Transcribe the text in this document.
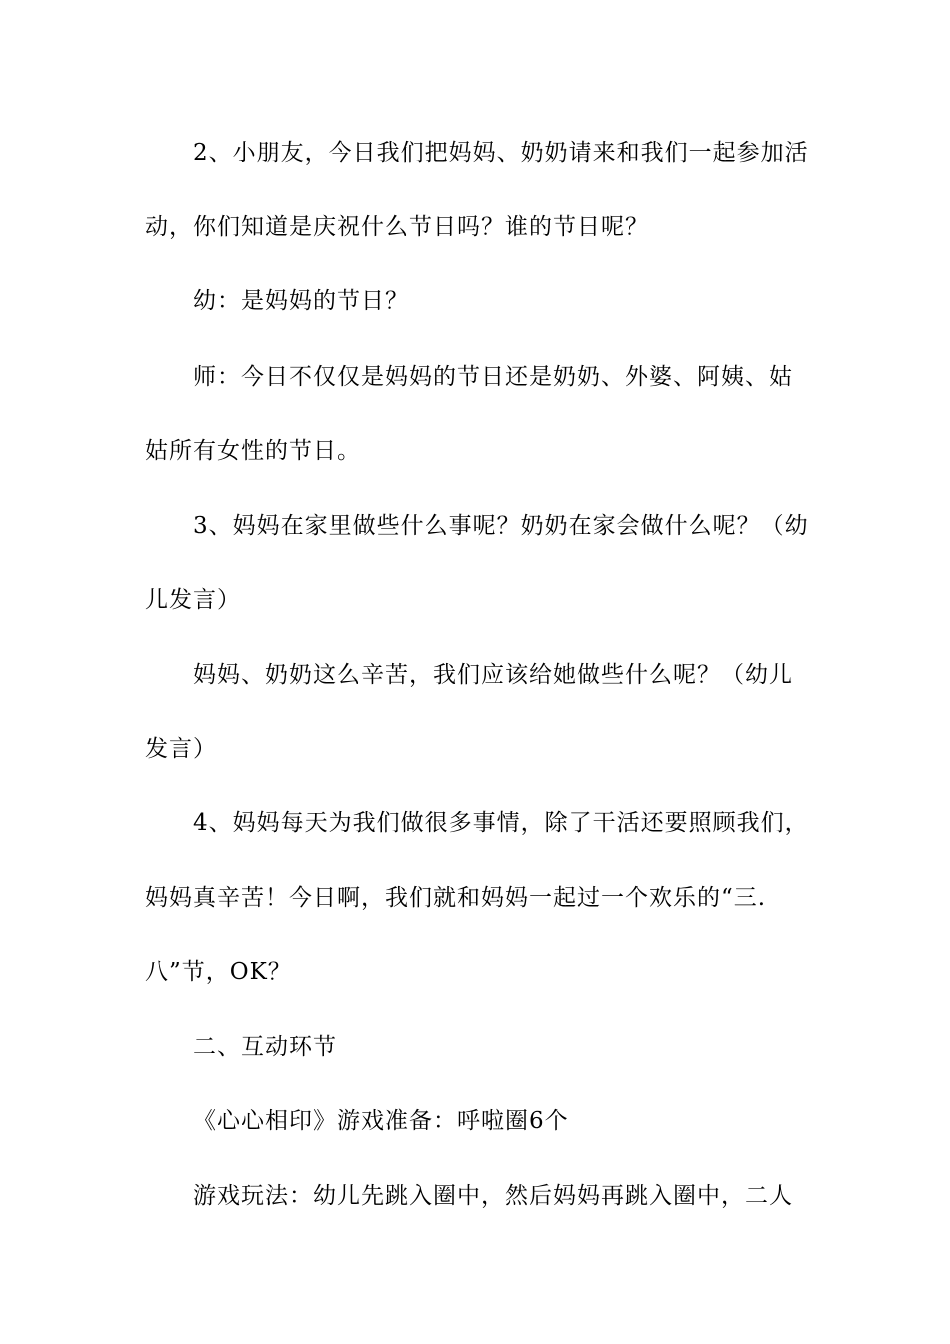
2、小朋友，今日我们把妈妈、奶奶请来和我们一起参加活
动，你们知道是庆祝什么节日吗？谁的节日呢？
幼：是妈妈的节日？
师：今日不仅仅是妈妈的节日还是奶奶、外婆、阿姨、姑
姑所有女性的节日。
3、妈妈在家里做些什么事呢？奶奶在家会做什么呢？（幼
儿发言）
妈妈、奶奶这么辛苦，我们应该给她做些什么呢？（幼儿
发言）
4、妈妈每天为我们做很多事情，除了干活还要照顾我们，
妈妈真辛苦！今日啊，我们就和妈妈一起过一个欢乐的“三.
八”节，OK？
二、互动环节
《心心相印》游戏准备：呼啦圈6个
游戏玩法：幼儿先跳入圈中，然后妈妈再跳入圈中，二人
